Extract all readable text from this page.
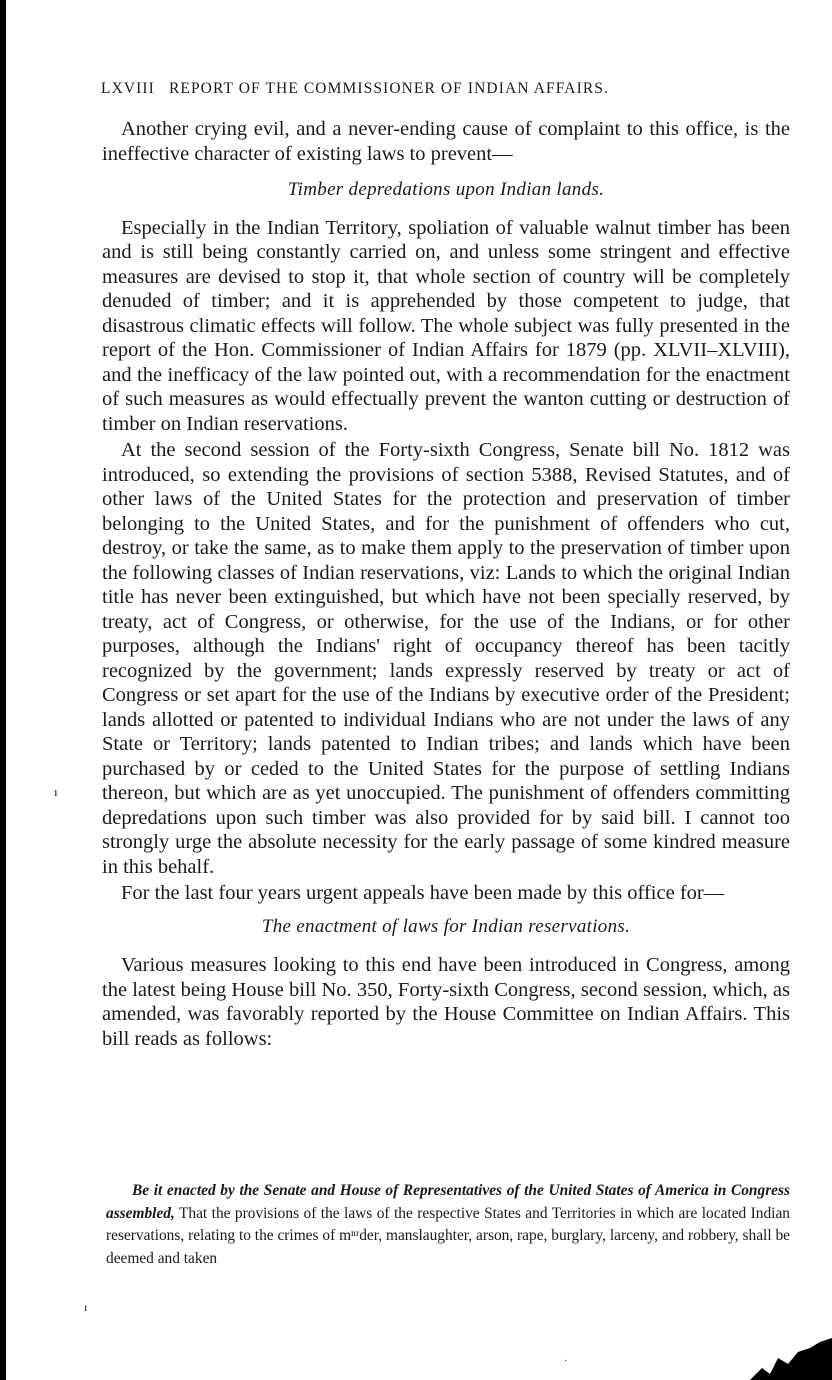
LXVIII REPORT OF THE COMMISSIONER OF INDIAN AFFAIRS.

Another crying evil, and a never-ending cause of complaint to this office, is the ineffective character of existing laws to prevent—

Timber depredations upon Indian lands.

Especially in the Indian Territory, spoliation of valuable walnut timber has been and is still being constantly carried on, and unless some stringent and effective measures are devised to stop it, that whole section of country will be completely denuded of timber; and it is apprehended by those competent to judge, that disastrous climatic effects will follow. The whole subject was fully presented in the report of the Hon. Commissioner of Indian Affairs for 1879 (pp. XLVII–XLVIII), and the inefficacy of the law pointed out, with a recommendation for the enactment of such measures as would effectually prevent the wanton cutting or destruction of timber on Indian reservations.

At the second session of the Forty-sixth Congress, Senate bill No. 1812 was introduced, so extending the provisions of section 5388, Revised Statutes, and of other laws of the United States for the protection and preservation of timber belonging to the United States, and for the punishment of offenders who cut, destroy, or take the same, as to make them apply to the preservation of timber upon the following classes of Indian reservations, viz: Lands to which the original Indian title has never been extinguished, but which have not been specially reserved, by treaty, act of Congress, or otherwise, for the use of the Indians, or for other purposes, although the Indians' right of occupancy thereof has been tacitly recognized by the government; lands expressly reserved by treaty or act of Congress or set apart for the use of the Indians by executive order of the President; lands allotted or patented to individual Indians who are not under the laws of any State or Territory; lands patented to Indian tribes; and lands which have been purchased by or ceded to the United States for the purpose of settling Indians thereon, but which are as yet unoccupied. The punishment of offenders committing depredations upon such timber was also provided for by said bill. I cannot too strongly urge the absolute necessity for the early passage of some kindred measure in this behalf.

For the last four years urgent appeals have been made by this office for—

The enactment of laws for Indian reservations.

Various measures looking to this end have been introduced in Congress, among the latest being House bill No. 350, Forty-sixth Congress, second session, which, as amended, was favorably reported by the House Committee on Indian Affairs. This bill reads as follows:

Be it enacted by the Senate and House of Representatives of the United States of America in Congress assembled, That the provisions of the laws of the respective States and Territories in which are located Indian reservations, relating to the crimes of mⁿʳder, manslaughter, arson, rape, burglary, larceny, and robbery, shall be deemed and taken
ı
ı
·
